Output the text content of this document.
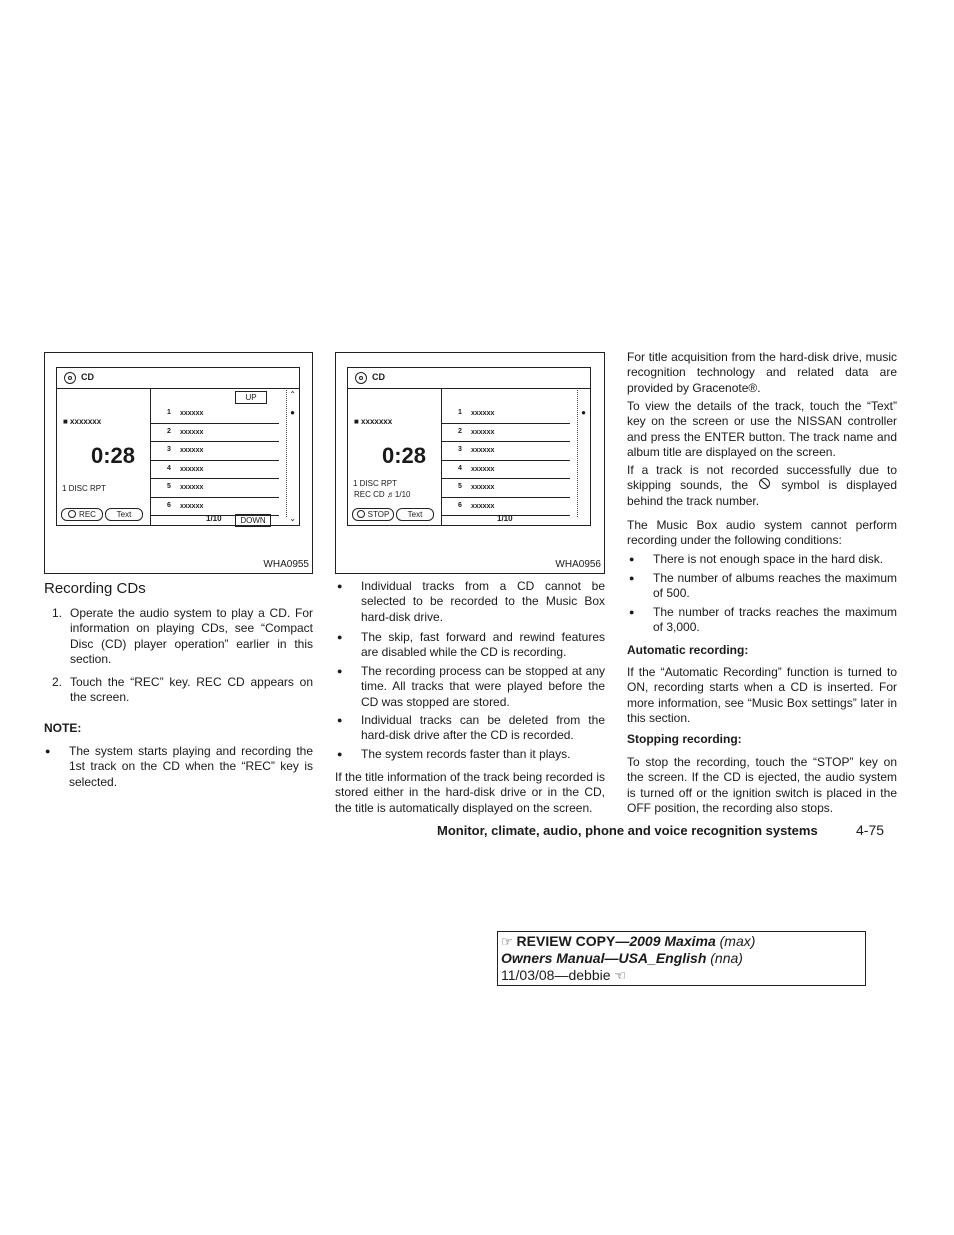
CD
■ xxxxxxx
0:28
1 DISC RPT
REC	Text
UP
1 xxxxxx
2 xxxxxx
3 xxxxxx
4 xxxxxx
5 xxxxxx
6 xxxxxx
1/10	DOWN
⌃
●
⌄
WHA0955
CD
■ xxxxxxx
0:28
1 DISC RPT
REC CD ♬1/10
STOP	Text
1 xxxxxx
2 xxxxxx
3 xxxxxx
4 xxxxxx
5 xxxxxx
6 xxxxxx
1/10
●
WHA0956
Recording CDs
1. Operate the audio system to play a CD. For information on playing CDs, see “Compact Disc (CD) player operation” earlier in this section.
2. Touch the “REC” key. REC CD appears on the screen.
NOTE:
● The system starts playing and recording the 1st track on the CD when the “REC” key is selected.
● Individual tracks from a CD cannot be selected to be recorded to the Music Box hard-disk drive.
● The skip, fast forward and rewind features are disabled while the CD is recording.
● The recording process can be stopped at any time. All tracks that were played before the CD was stopped are stored.
● Individual tracks can be deleted from the hard-disk drive after the CD is recorded.
● The system records faster than it plays.
If the title information of the track being recorded is stored either in the hard-disk drive or in the CD, the title is automatically displayed on the screen.
For title acquisition from the hard-disk drive, music recognition technology and related data are provided by Gracenote®.
To view the details of the track, touch the “Text” key on the screen or use the NISSAN controller and press the ENTER button. The track name and album title are displayed on the screen.
If a track is not recorded successfully due to skipping sounds, the	symbol is displayed behind the track number.
The Music Box audio system cannot perform recording under the following conditions:
● There is not enough space in the hard disk.
● The number of albums reaches the maximum of 500.
● The number of tracks reaches the maximum of 3,000.
Automatic recording:
If the “Automatic Recording” function is turned to ON, recording starts when a CD is inserted. For more information, see “Music Box settings” later in this section.
Stopping recording:
To stop the recording, touch the “STOP” key on the screen. If the CD is ejected, the audio system is turned off or the ignition switch is placed in the OFF position, the recording also stops.
Monitor, climate, audio, phone and voice recognition systems	4-75
☞ REVIEW COPY—2009 Maxima (max)
Owners Manual—USA_English (nna)
11/03/08—debbie ☜
